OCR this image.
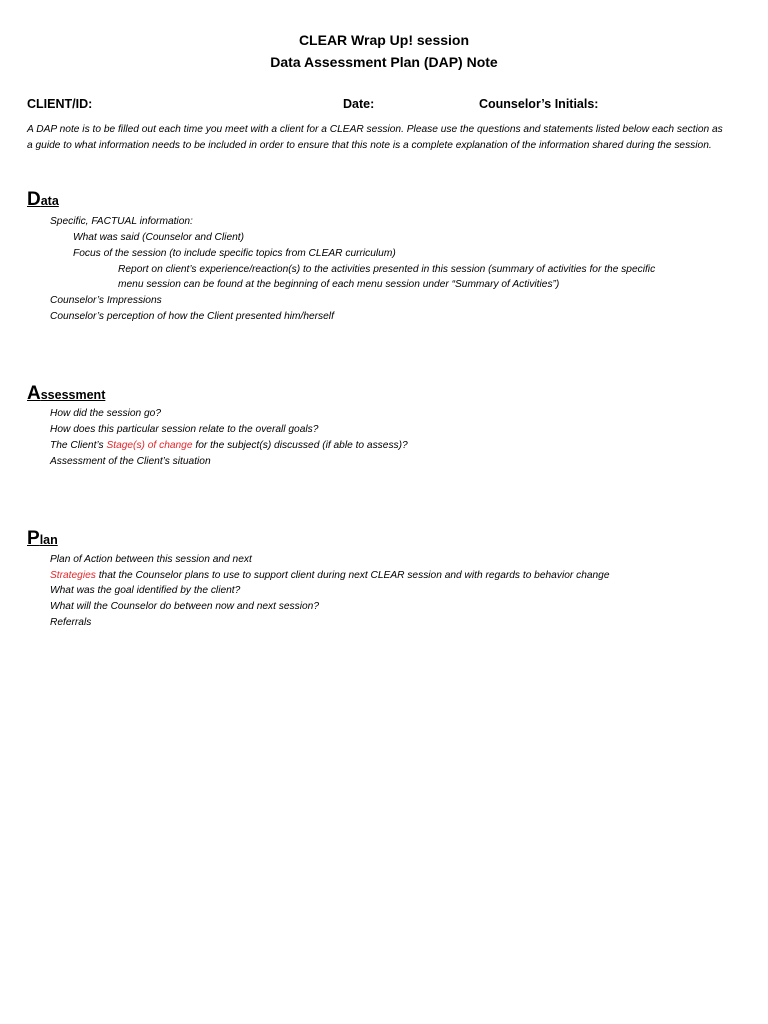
CLEAR Wrap Up! session
Data Assessment Plan (DAP) Note
CLIENT/ID:	Date:	Counselor’s Initials:
A DAP note is to be filled out each time you meet with a client for a CLEAR session. Please use the questions and statements listed below each section as a guide to what information needs to be included in order to ensure that this note is a complete explanation of the information shared during the session.
Data
Specific, FACTUAL information:
What was said (Counselor and Client)
Focus of the session (to include specific topics from CLEAR curriculum)
Report on client’s experience/reaction(s) to the activities presented in this session (summary of activities for the specific
menu session can be found at the beginning of each menu session under “Summary of Activities”)
Counselor’s Impressions
Counselor’s perception of how the Client presented him/herself
Assessment
How did the session go?
How does this particular session relate to the overall goals?
The Client’s Stage(s) of change for the subject(s) discussed (if able to assess)?
Assessment of the Client’s situation
Plan
Plan of Action between this session and next
Strategies that the Counselor plans to use to support client during next CLEAR session and with regards to behavior change
What was the goal identified by the client?
What will the Counselor do between now and next session?
Referrals
